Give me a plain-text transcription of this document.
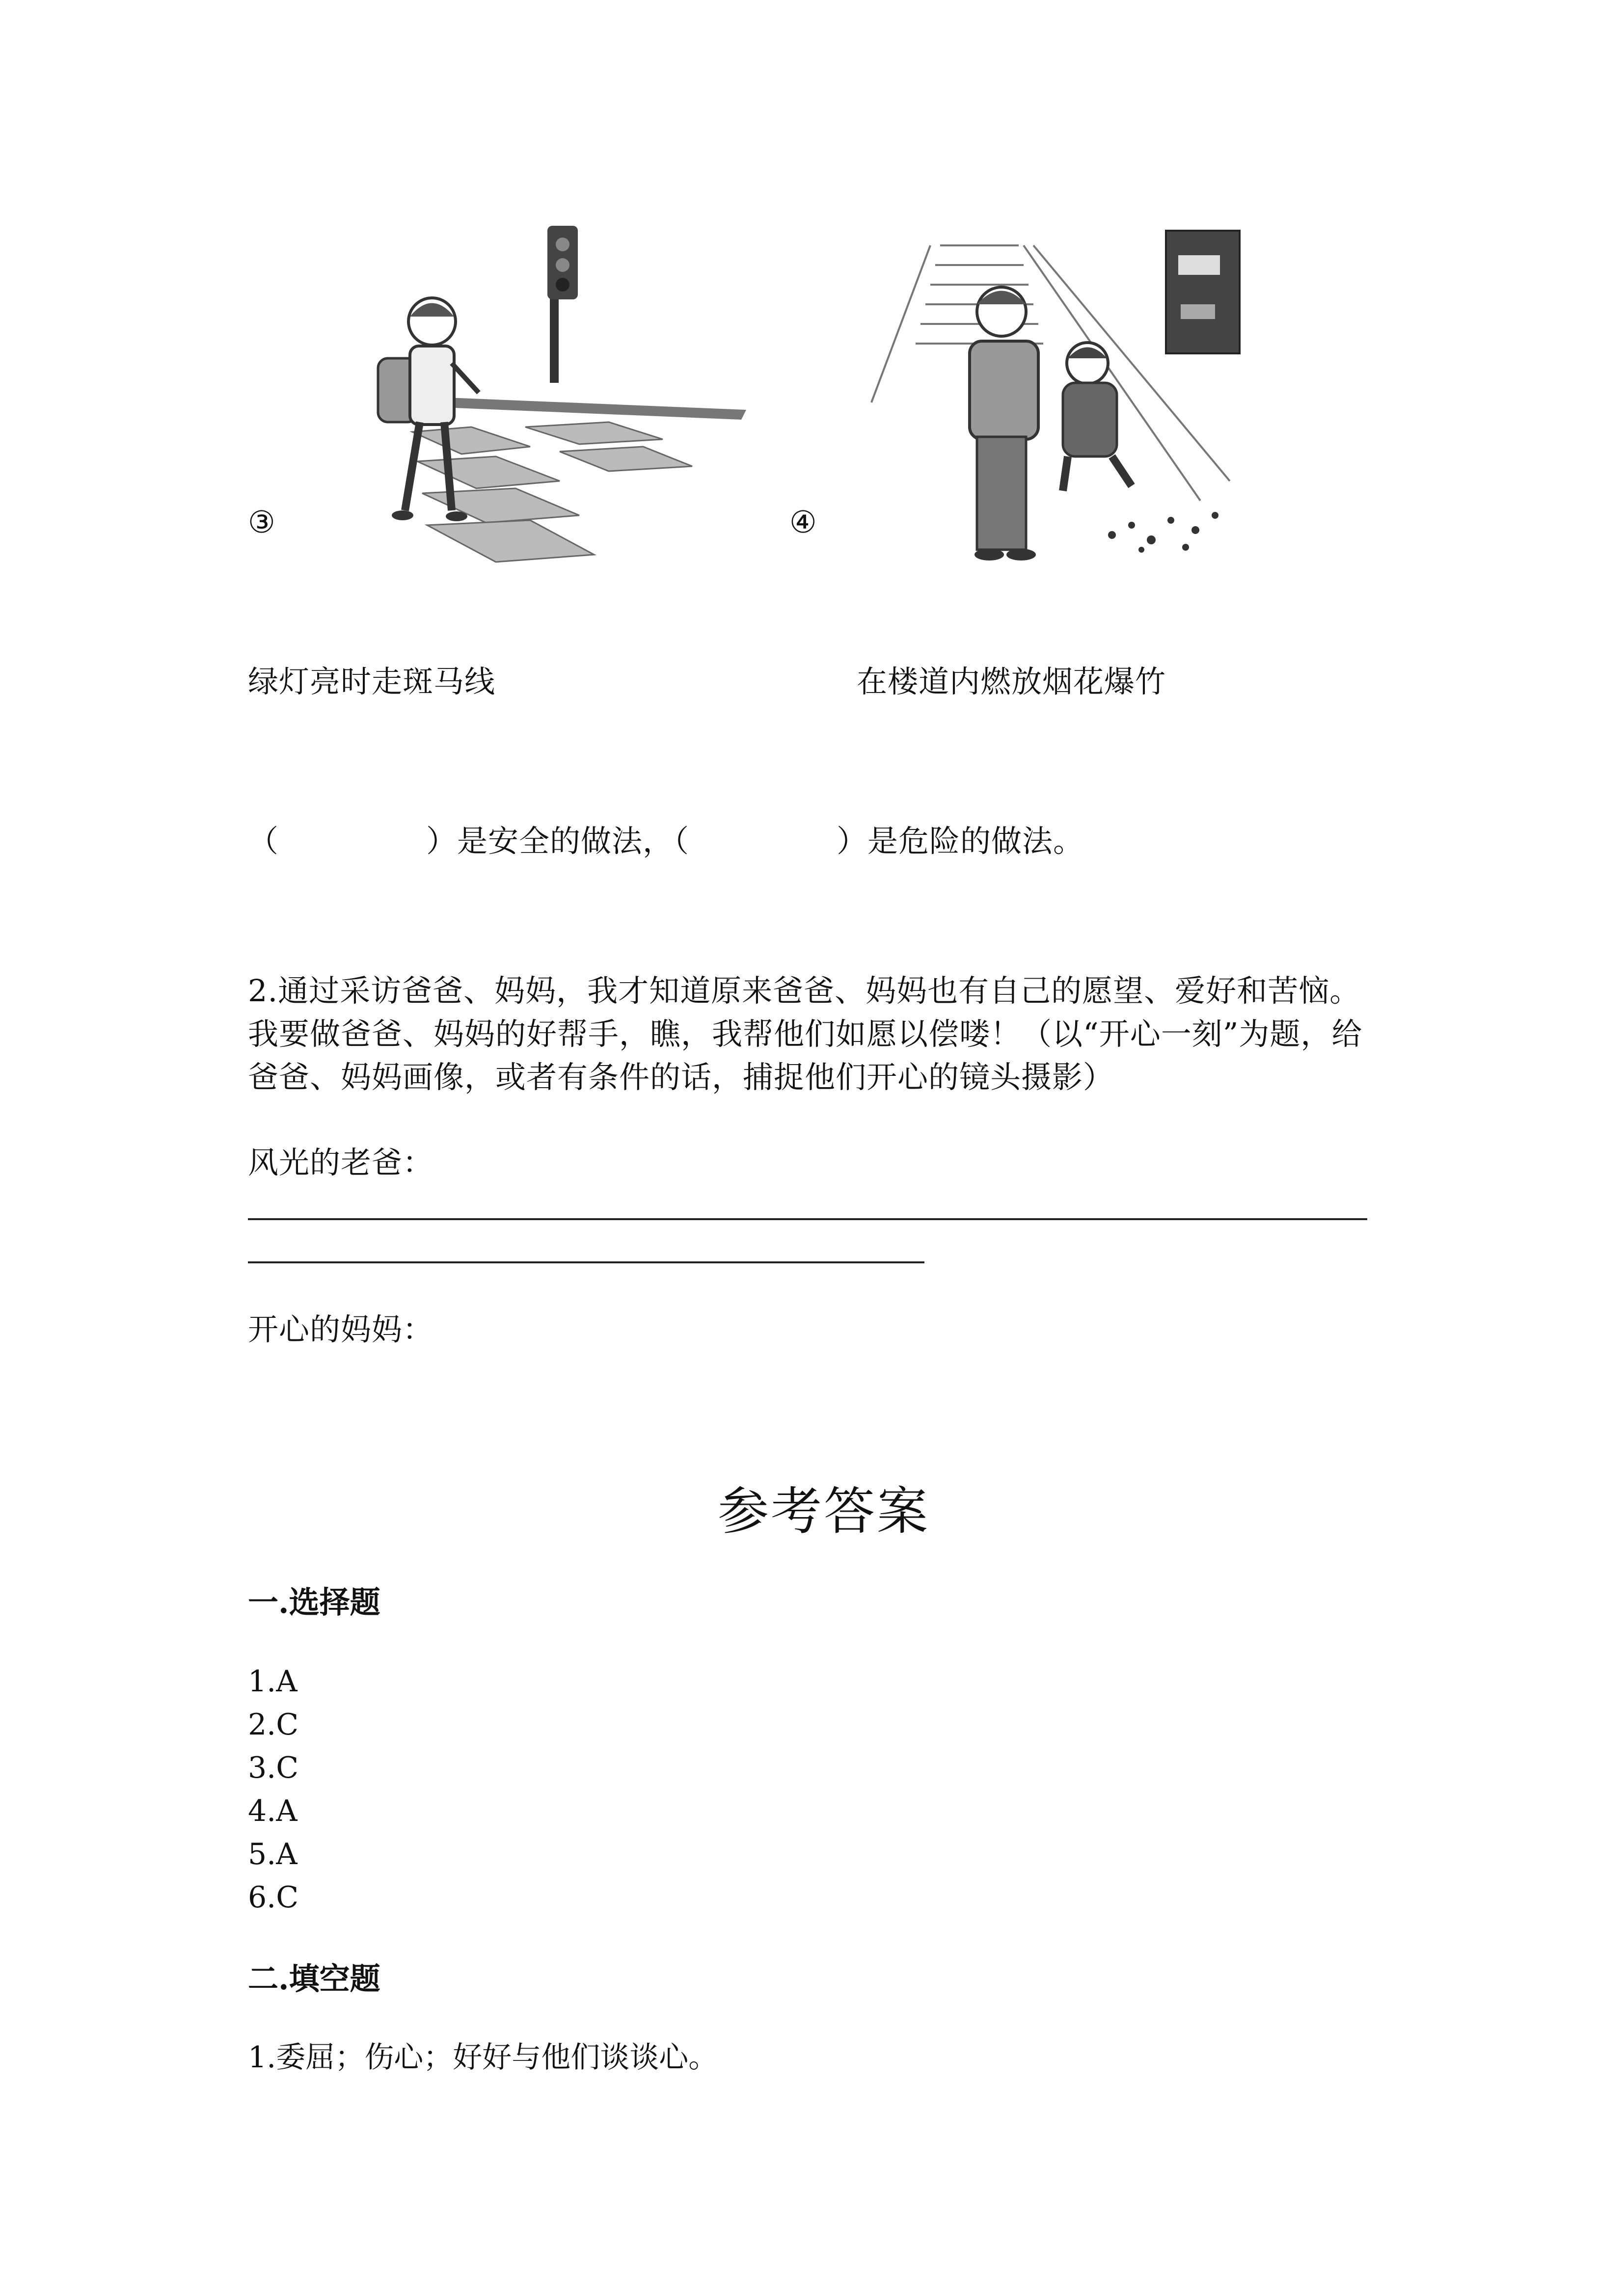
③	④
绿灯亮时走斑马线	在楼道内燃放烟花爆竹
（	）是安全的做法，（	）是危险的做法。
2.通过采访爸爸、妈妈，我才知道原来爸爸、妈妈也有自己的愿望、爱好和苦恼。我要做爸爸、妈妈的好帮手，瞧，我帮他们如愿以偿喽！（以“开心一刻”为题，给爸爸、妈妈画像，或者有条件的话，捕捉他们开心的镜头摄影）
风光的老爸：
开心的妈妈：
参考答案
一.选择题
1.A
2.C
3.C
4.A
5.A
6.C
二.填空题
1.委屈；伤心；好好与他们谈谈心。
